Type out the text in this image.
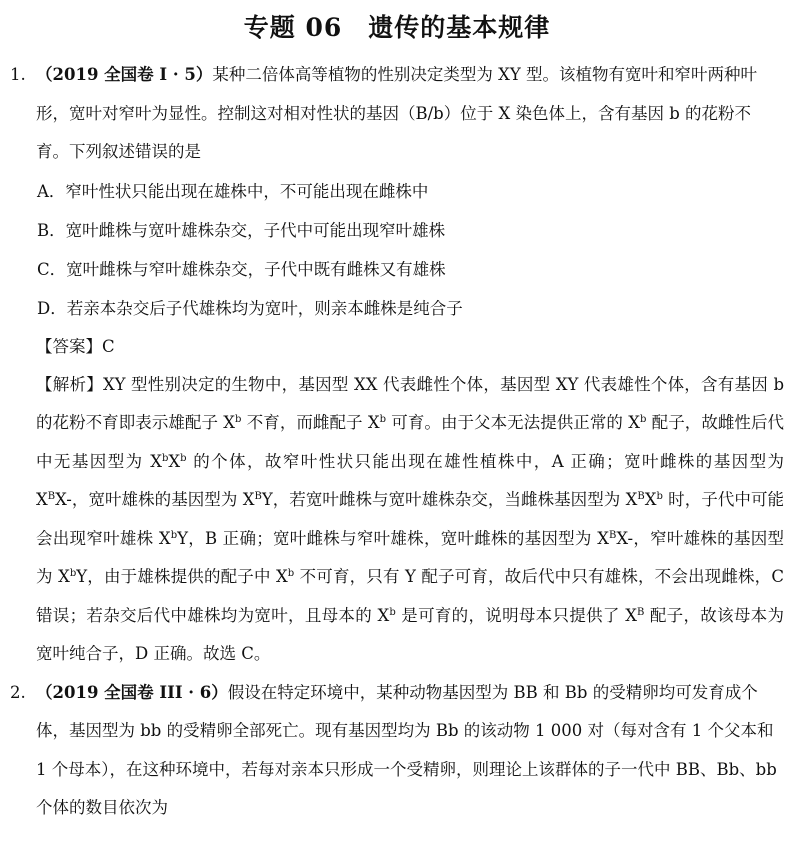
专题 06 遗传的基本规律
1. （2019 全国卷 I · 5）某种二倍体高等植物的性别决定类型为 XY 型。该植物有宽叶和窄叶两种叶形，宽叶对窄叶为显性。控制这对相对性状的基因（B/b）位于 X 染色体上，含有基因 b 的花粉不育。下列叙述错误的是
A．窄叶性状只能出现在雄株中，不可能出现在雌株中
B．宽叶雌株与宽叶雄株杂交，子代中可能出现窄叶雄株
C．宽叶雌株与窄叶雄株杂交，子代中既有雌株又有雄株
D．若亲本杂交后子代雄株均为宽叶，则亲本雌株是纯合子
【答案】C
【解析】XY 型性别决定的生物中，基因型 XX 代表雌性个体，基因型 XY 代表雄性个体，含有基因 b 的花粉不育即表示雄配子 $X^b$ 不育，而雌配子 $X^b$ 可育。由于父本无法提供正常的 $X^b$ 配子，故雌性后代中无基因型为 $X^bX^b$ 的个体，故窄叶性状只能出现在雄性植株中，A 正确；宽叶雌株的基因型为 $X^BX-$，宽叶雄株的基因型为 $X^BY$，若宽叶雌株与宽叶雄株杂交，当雌株基因型为 $X^BX^b$ 时，子代中可能会出现窄叶雄株 $X^bY$，B 正确；宽叶雌株与窄叶雄株，宽叶雌株的基因型为 $X^BX-$，窄叶雄株的基因型为 $X^bY$，由于雄株提供的配子中 $X^b$ 不可育，只有 Y 配子可育，故后代中只有雄株，不会出现雌株，C 错误；若杂交后代中雄株均为宽叶，且母本的 $X^b$ 是可育的，说明母本只提供了 $X^B$ 配子，故该母本为宽叶纯合子，D 正确。故选 C。
2. （2019 全国卷 III · 6）假设在特定环境中，某种动物基因型为 BB 和 Bb 的受精卵均可发育成个体，基因型为 bb 的受精卵全部死亡。现有基因型均为 Bb 的该动物 1 000 对（每对含有 1 个父本和 1 个母本），在这种环境中，若每对亲本只形成一个受精卵，则理论上该群体的子一代中 BB、Bb、bb 个体的数目依次为
